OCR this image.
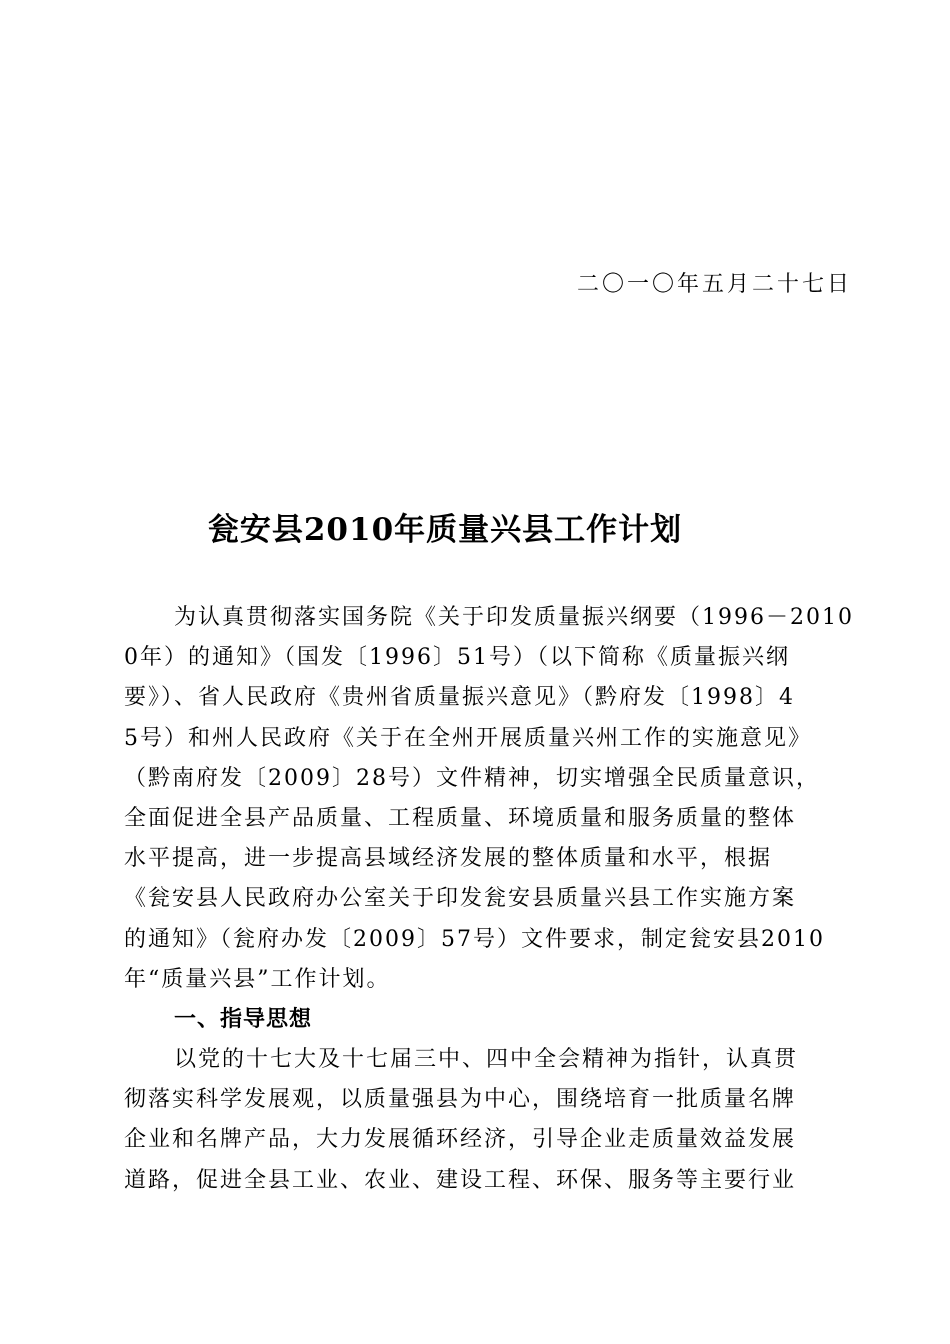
二〇一〇年五月二十七日
瓮安县2010年质量兴县工作计划
为认真贯彻落实国务院《关于印发质量振兴纲要（1996－2010
0年）的通知》（国发〔1996〕51号）（以下简称《质量振兴纲
要》）、省人民政府《贵州省质量振兴意见》（黔府发〔1998〕4
5号）和州人民政府《关于在全州开展质量兴州工作的实施意见》
（黔南府发〔2009〕28号）文件精神，切实增强全民质量意识，
全面促进全县产品质量、工程质量、环境质量和服务质量的整体
水平提高，进一步提高县域经济发展的整体质量和水平，根据
《瓮安县人民政府办公室关于印发瓮安县质量兴县工作实施方案
的通知》（瓮府办发〔2009〕57号）文件要求，制定瓮安县2010
年“质量兴县”工作计划。
一、指导思想
以党的十七大及十七届三中、四中全会精神为指针，认真贯
彻落实科学发展观，以质量强县为中心，围绕培育一批质量名牌
企业和名牌产品，大力发展循环经济，引导企业走质量效益发展
道路，促进全县工业、农业、建设工程、环保、服务等主要行业
